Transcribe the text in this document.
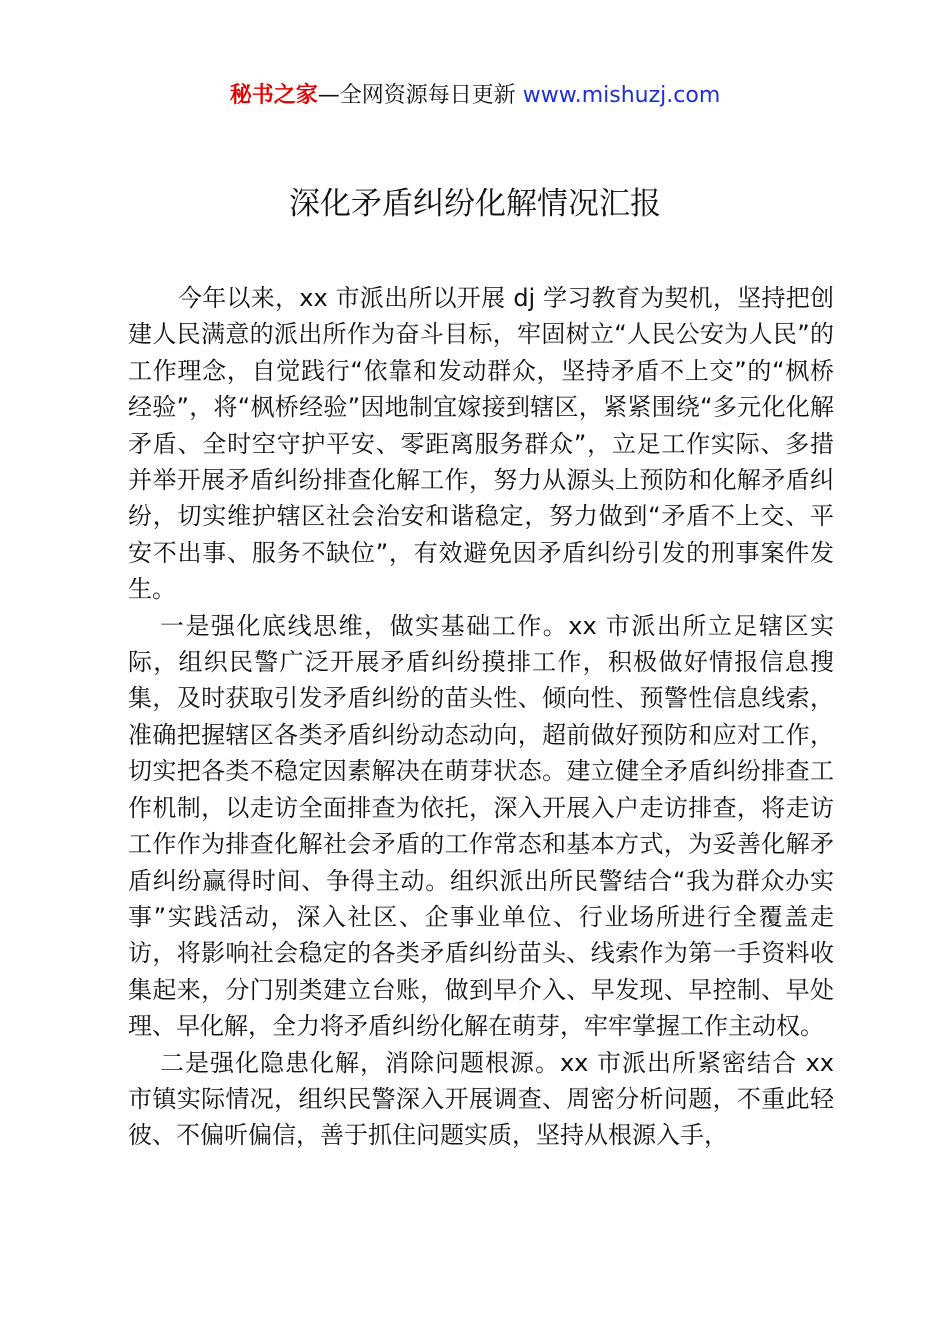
秘书之家—全网资源每日更新 www.mishuzj.com
深化矛盾纠纷化解情况汇报

今年以来，xx 市派出所以开展 dj 学习教育为契机，坚持把创建人民满意的派出所作为奋斗目标，牢固树立“人民公安为人民”的工作理念，自觉践行“依靠和发动群众，坚持矛盾不上交”的“枫桥经验”，将“枫桥经验”因地制宜嫁接到辖区，紧紧围绕“多元化化解矛盾、全时空守护平安、零距离服务群众”，立足工作实际、多措并举开展矛盾纠纷排查化解工作，努力从源头上预防和化解矛盾纠纷，切实维护辖区社会治安和谐稳定，努力做到“矛盾不上交、平安不出事、服务不缺位”，有效避免因矛盾纠纷引发的刑事案件发生。

一是强化底线思维，做实基础工作。xx 市派出所立足辖区实际，组织民警广泛开展矛盾纠纷摸排工作，积极做好情报信息搜集，及时获取引发矛盾纠纷的苗头性、倾向性、预警性信息线索，准确把握辖区各类矛盾纠纷动态动向，超前做好预防和应对工作，切实把各类不稳定因素解决在萌芽状态。建立健全矛盾纠纷排查工作机制，以走访全面排查为依托，深入开展入户走访排查，将走访工作作为排查化解社会矛盾的工作常态和基本方式，为妥善化解矛盾纠纷赢得时间、争得主动。组织派出所民警结合“我为群众办实事”实践活动，深入社区、企事业单位、行业场所进行全覆盖走访，将影响社会稳定的各类矛盾纠纷苗头、线索作为第一手资料收集起来，分门别类建立台账，做到早介入、早发现、早控制、早处理、早化解，全力将矛盾纠纷化解在萌芽，牢牢掌握工作主动权。

二是强化隐患化解，消除问题根源。xx 市派出所紧密结合 xx 市镇实际情况，组织民警深入开展调查、周密分析问题，不重此轻彼、不偏听偏信，善于抓住问题实质，坚持从根源入手，
